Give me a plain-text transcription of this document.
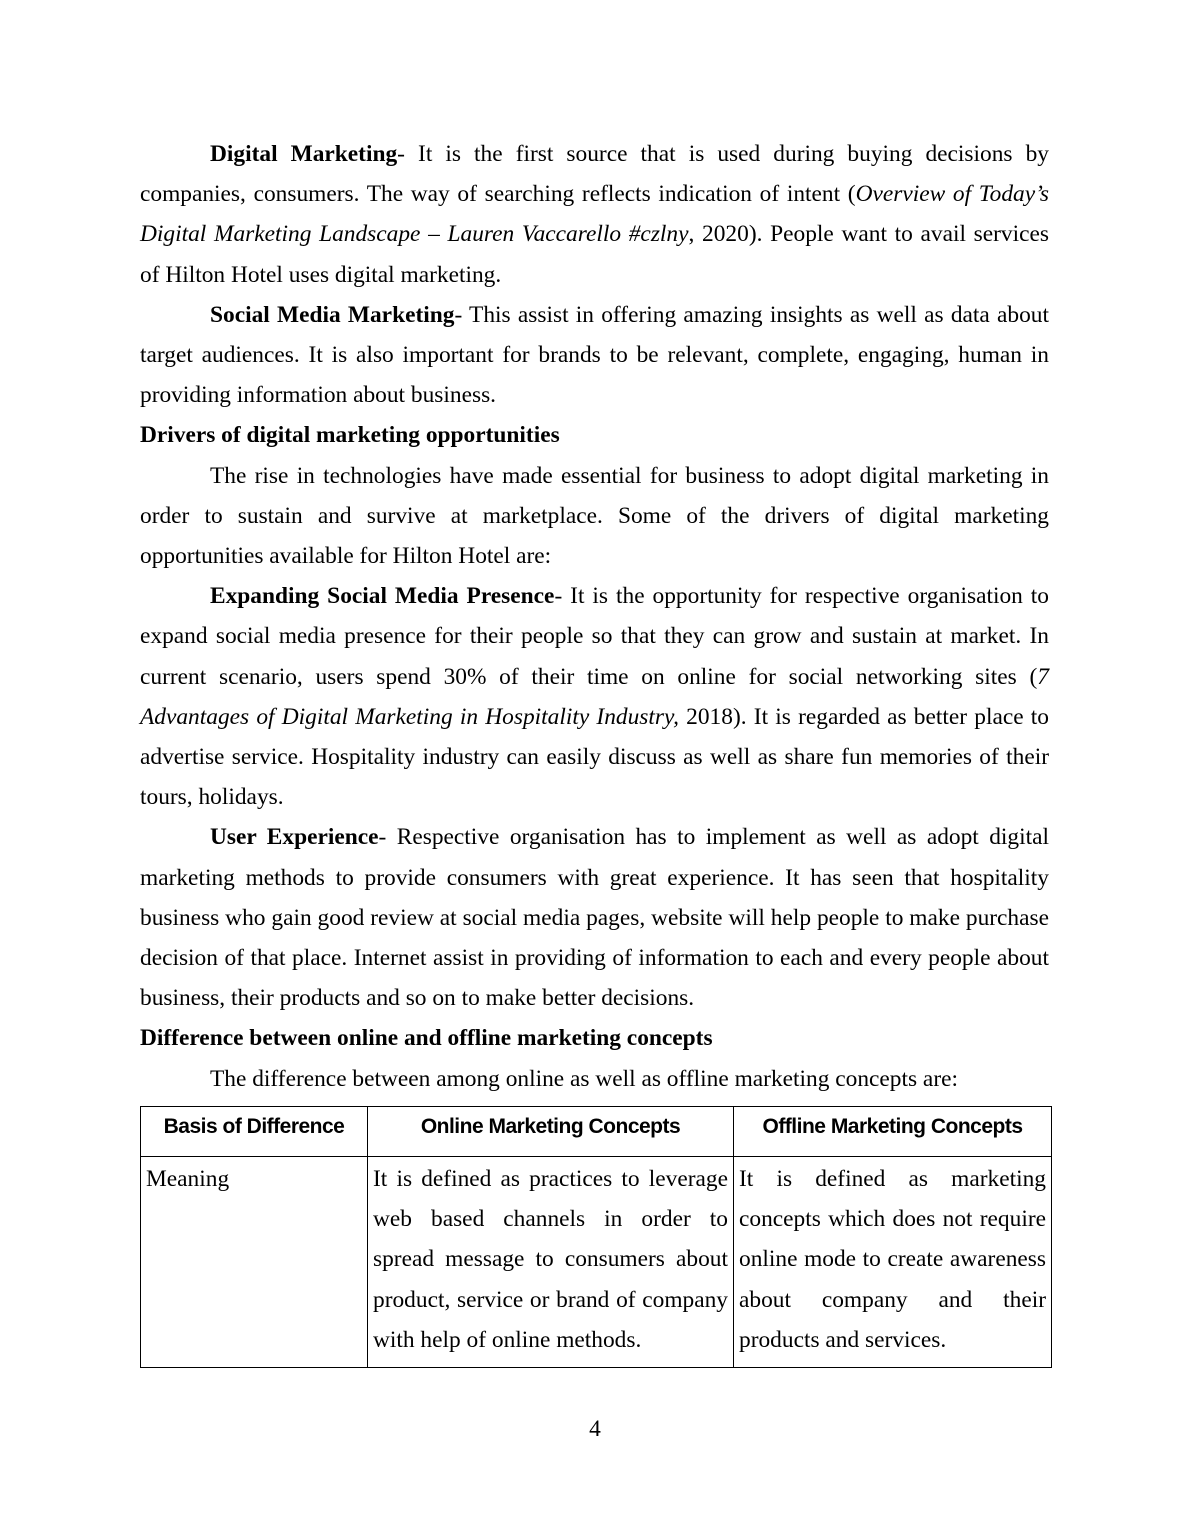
Digital Marketing- It is the first source that is used during buying decisions by companies, consumers. The way of searching reflects indication of intent (Overview of Today’s Digital Marketing Landscape – Lauren Vaccarello #czlny, 2020). People want to avail services of Hilton Hotel uses digital marketing.

Social Media Marketing- This assist in offering amazing insights as well as data about target audiences. It is also important for brands to be relevant, complete, engaging, human in providing information about business.

Drivers of digital marketing opportunities

The rise in technologies have made essential for business to adopt digital marketing in order to sustain and survive at marketplace. Some of the drivers of digital marketing opportunities available for Hilton Hotel are:

Expanding Social Media Presence- It is the opportunity for respective organisation to expand social media presence for their people so that they can grow and sustain at market. In current scenario, users spend 30% of their time on online for social networking sites (7 Advantages of Digital Marketing in Hospitality Industry, 2018). It is regarded as better place to advertise service. Hospitality industry can easily discuss as well as share fun memories of their tours, holidays.

User Experience- Respective organisation has to implement as well as adopt digital marketing methods to provide consumers with great experience. It has seen that hospitality business who gain good review at social media pages, website will help people to make purchase decision of that place. Internet assist in providing of information to each and every people about business, their products and so on to make better decisions.

Difference between online and offline marketing concepts

The difference between among online as well as offline marketing concepts are:

Basis of Difference	Online Marketing Concepts	Offline Marketing Concepts
Meaning	It is defined as practices to leverage web based channels in order to spread message to consumers about product, service or brand of company with help of online methods.	It is defined as marketing concepts which does not require online mode to create awareness about company and their products and services.
4
